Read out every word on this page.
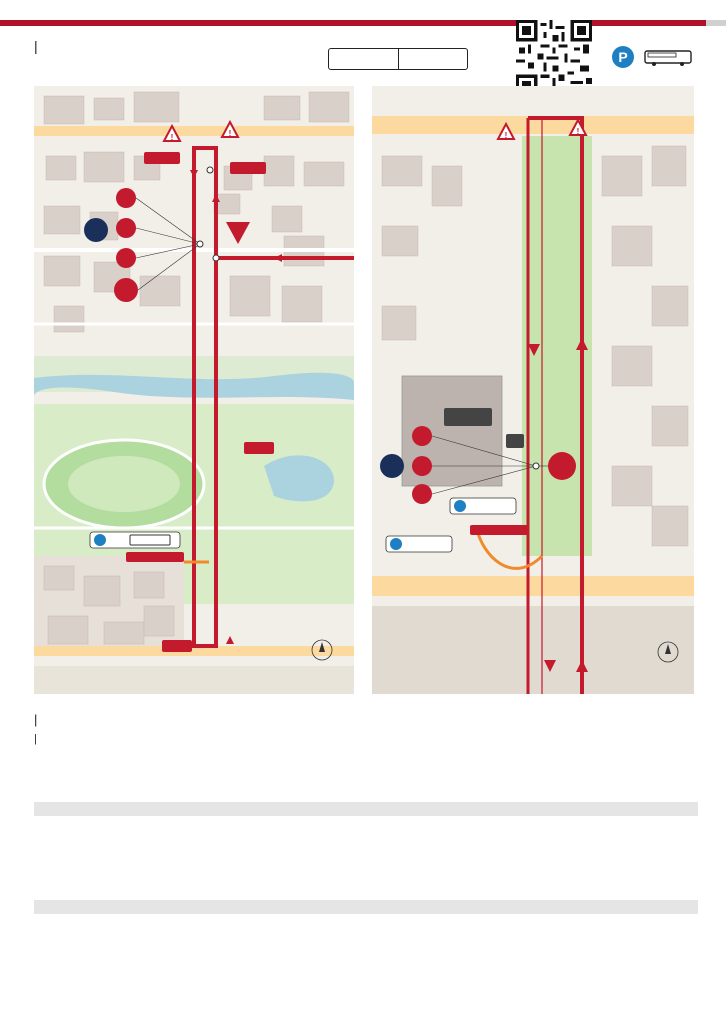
|
P
!	!	!	!
|
|
